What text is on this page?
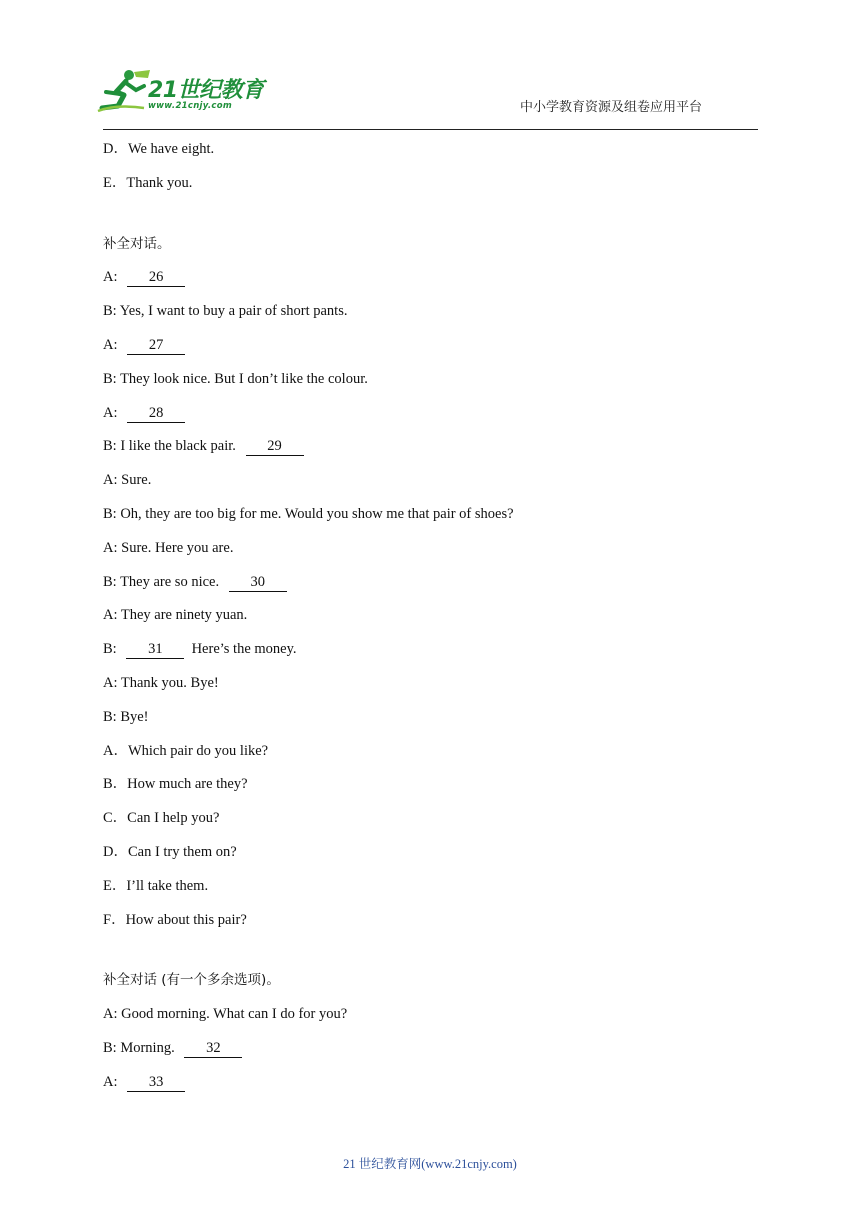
21世纪教育
www.21cnjy.com	中小学教育资源及组卷应用平台
D．We have eight.
E．Thank you.
补全对话。
A: 26
B: Yes, I want to buy a pair of short pants.
A: 27
B: They look nice. But I don’t like the colour.
A: 28
B: I like the black pair. 29
A: Sure.
B: Oh, they are too big for me. Would you show me that pair of shoes?
A: Sure. Here you are.
B: They are so nice. 30
A: They are ninety yuan.
B: 31  Here’s the money.
A: Thank you. Bye!
B: Bye!
A．Which pair do you like?
B．How much are they?
C．Can I help you?
D．Can I try them on?
E．I’ll take them.
F．How about this pair?
补全对话 (有一个多余选项)。
A: Good morning. What can I do for you?
B: Morning. 32
A: 33
21 世纪教育网(www.21cnjy.com)
